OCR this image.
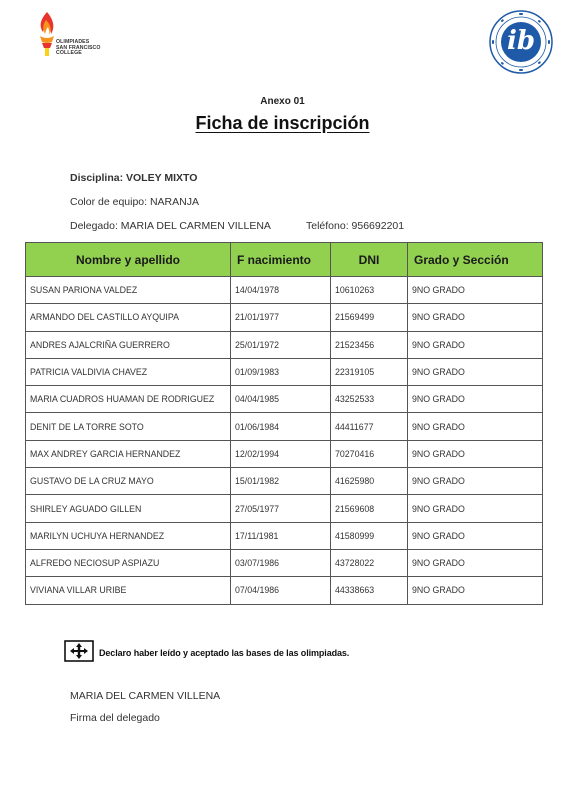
OLIMPIADES
SAN FRANCISCO
COLLEGE	ib
Anexo 01
Ficha de inscripción
Disciplina: VOLEY MIXTO
Color de equipo: NARANJA
Delegado: MARIA DEL CARMEN VILLENA	Teléfono: 956692201
Nombre y apellido	F nacimiento	DNI	Grado y Sección
SUSAN PARIONA VALDEZ	14/04/1978	10610263	9NO GRADO
ARMANDO DEL CASTILLO AYQUIPA	21/01/1977	21569499	9NO GRADO
ANDRES AJALCRIÑA GUERRERO	25/01/1972	21523456	9NO GRADO
PATRICIA VALDIVIA CHAVEZ	01/09/1983	22319105	9NO GRADO
MARIA CUADROS HUAMAN DE RODRIGUEZ	04/04/1985	43252533	9NO GRADO
DENIT DE LA TORRE SOTO	01/06/1984	44411677	9NO GRADO
MAX ANDREY GARCIA HERNANDEZ	12/02/1994	70270416	9NO GRADO
GUSTAVO DE LA CRUZ MAYO	15/01/1982	41625980	9NO GRADO
SHIRLEY AGUADO GILLEN	27/05/1977	21569608	9NO GRADO
MARILYN UCHUYA HERNANDEZ	17/11/1981	41580999	9NO GRADO
ALFREDO NECIOSUP ASPIAZU	03/07/1986	43728022	9NO GRADO
VIVIANA VILLAR URIBE	07/04/1986	44338663	9NO GRADO
Declaro haber leído y aceptado las bases de las olimpiadas.
MARIA DEL CARMEN VILLENA
Firma del delegado
